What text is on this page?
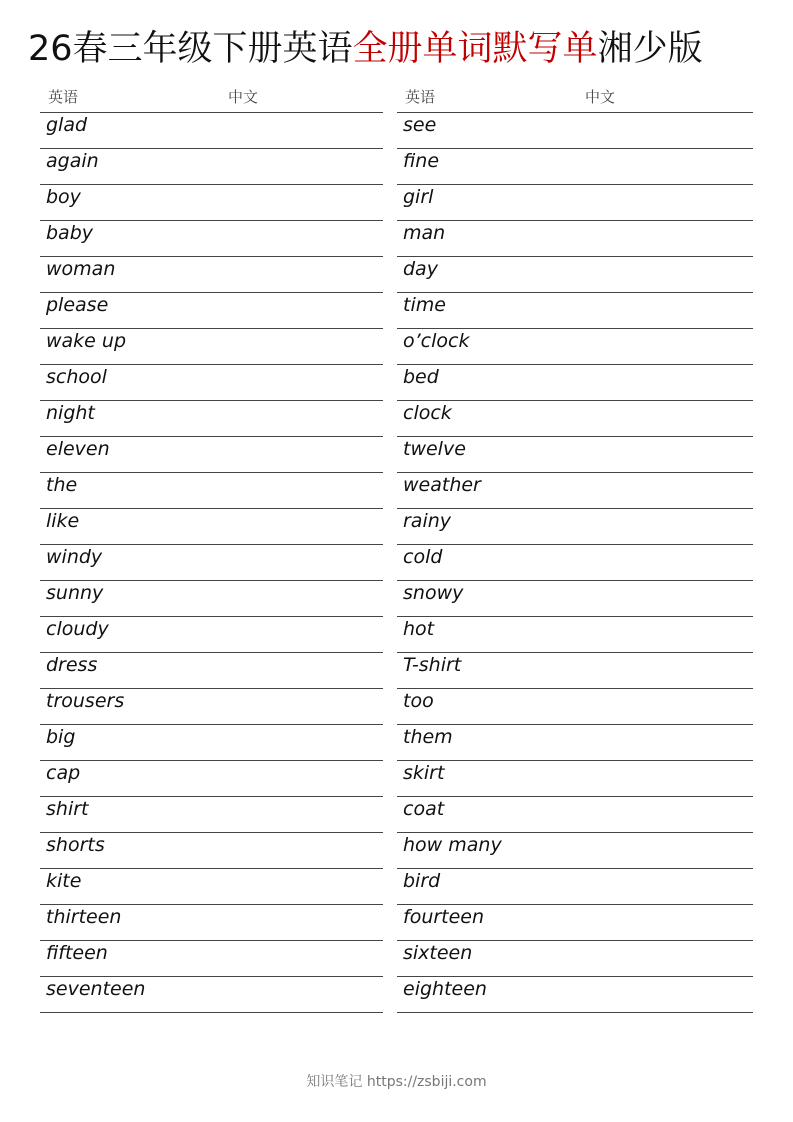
26春三年级下册英语全册单词默写单湘少版
英语	中文
glad
again
boy
baby
woman
please
wake up
school
night
eleven
the
like
windy
sunny
cloudy
dress
trousers
big
cap
shirt
shorts
kite
thirteen
fifteen
seventeen
英语	中文
see
fine
girl
man
day
time
o’clock
bed
clock
twelve
weather
rainy
cold
snowy
hot
T-shirt
too
them
skirt
coat
how many
bird
fourteen
sixteen
eighteen
知识笔记 https://zsbiji.com
